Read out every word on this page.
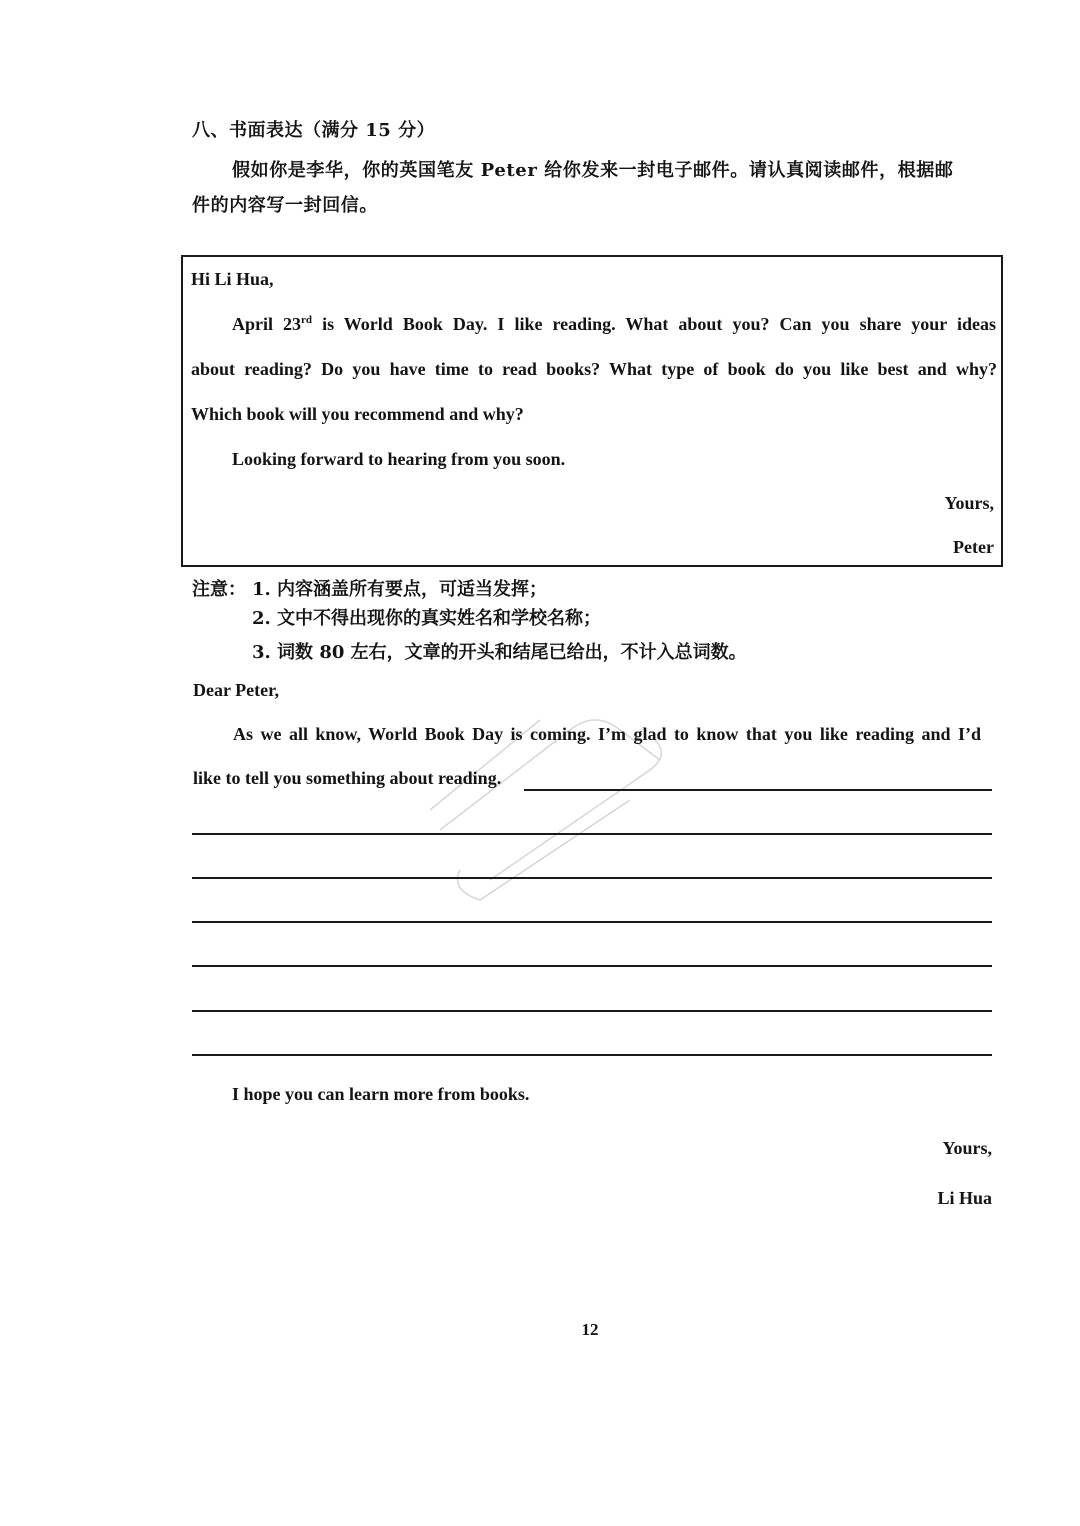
八、书面表达（满分 15 分）
假如你是李华，你的英国笔友 Peter 给你发来一封电子邮件。请认真阅读邮件，根据邮
件的内容写一封回信。
Hi Li Hua,
April 23rd is World Book Day. I like reading. What about you? Can you share your ideas
about reading? Do you have time to read books? What type of book do you like best and why?
Which book will you recommend and why?
Looking forward to hearing from you soon.
Yours,
Peter
注意： 1. 内容涵盖所有要点，可适当发挥；
2. 文中不得出现你的真实姓名和学校名称；
3. 词数 80 左右，文章的开头和结尾已给出，不计入总词数。
Dear Peter,
As we all know, World Book Day is coming. I’m glad to know that you like reading and I’d
like to tell you something about reading.
I hope you can learn more from books.
Yours,
Li Hua
12
